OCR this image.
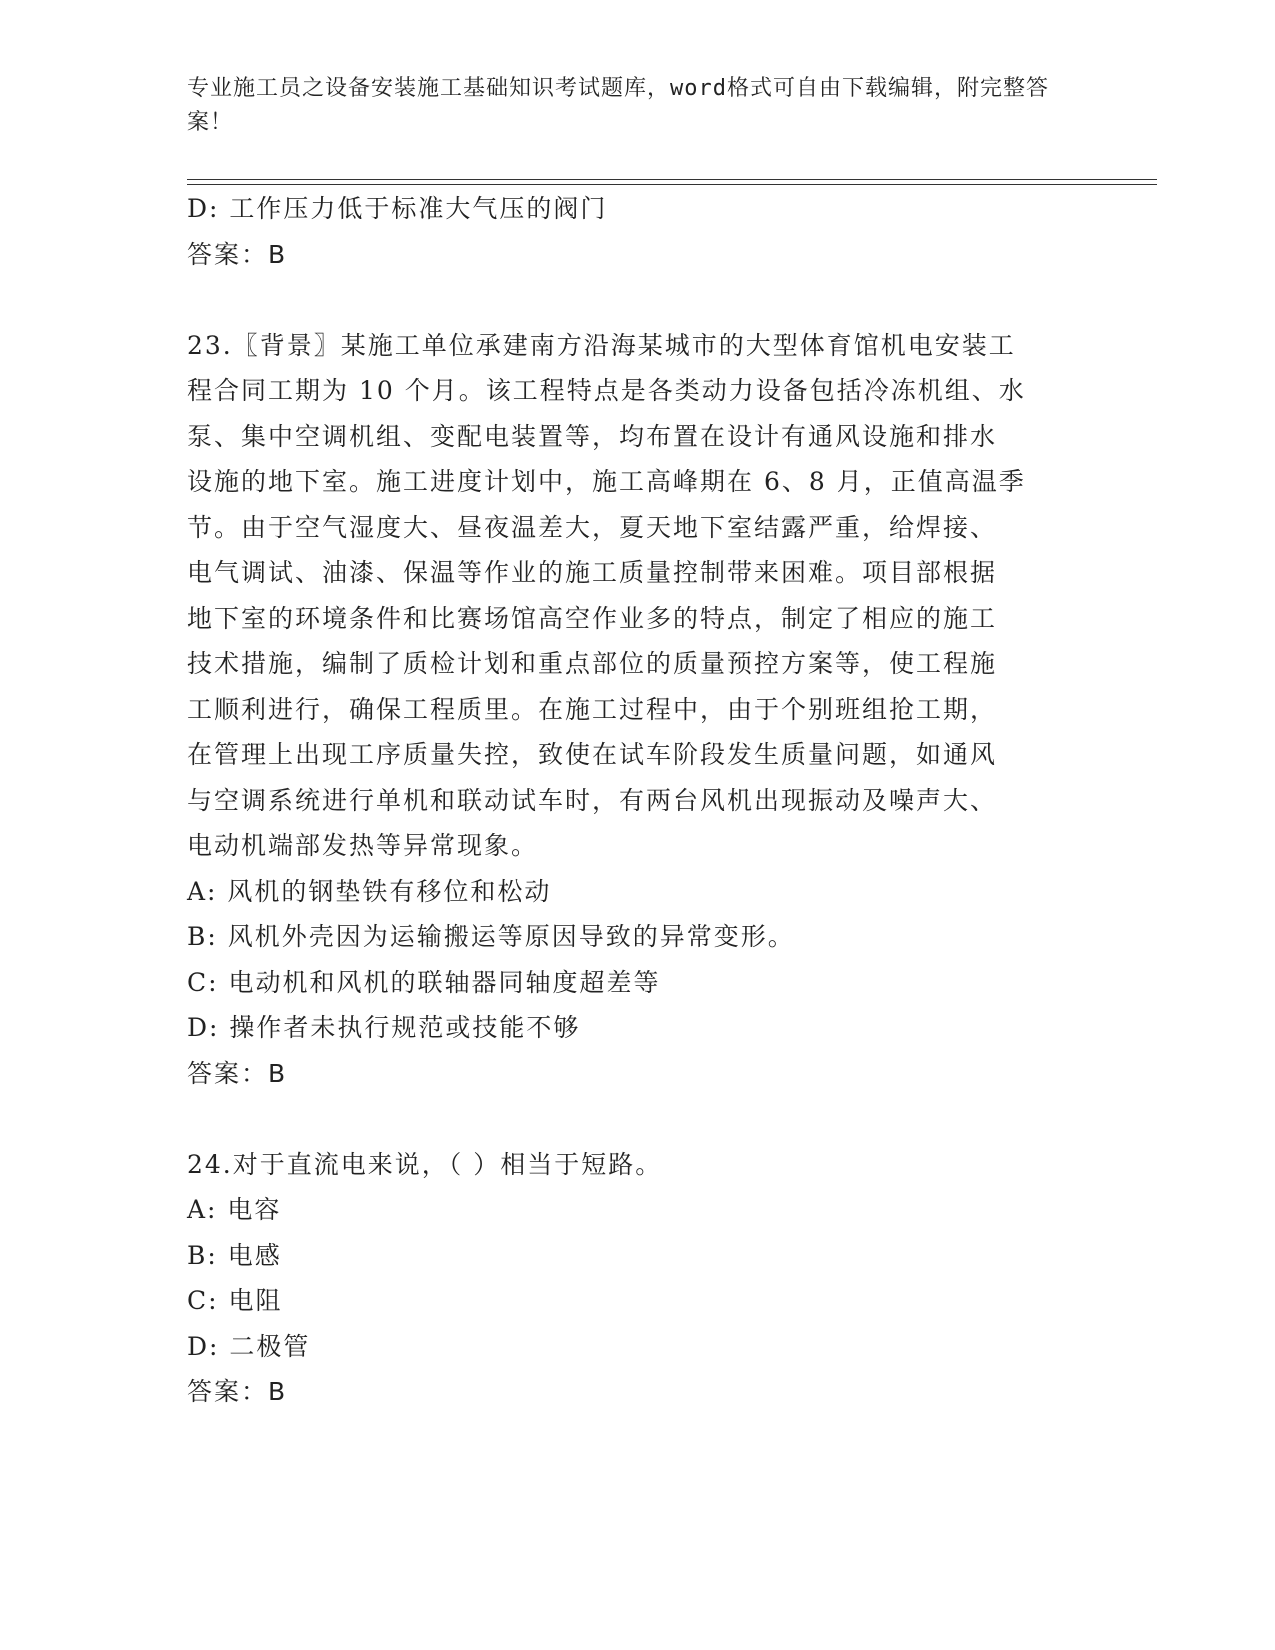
专业施工员之设备安装施工基础知识考试题库，word格式可自由下载编辑，附完整答案！
D: 工作压力低于标准大气压的阀门
答案：B
23.〖背景〗某施工单位承建南方沿海某城市的大型体育馆机电安装工
程合同工期为 10 个月。该工程特点是各类动力设备包括冷冻机组、水
泵、集中空调机组、变配电装置等，均布置在设计有通风设施和排水
设施的地下室。施工进度计划中，施工高峰期在 6、8 月，正值高温季
节。由于空气湿度大、昼夜温差大，夏天地下室结露严重，给焊接、
电气调试、油漆、保温等作业的施工质量控制带来困难。项目部根据
地下室的环境条件和比赛场馆高空作业多的特点，制定了相应的施工
技术措施，编制了质检计划和重点部位的质量预控方案等，使工程施
工顺利进行，确保工程质里。在施工过程中，由于个别班组抢工期，
在管理上出现工序质量失控，致使在试车阶段发生质量问题，如通风
与空调系统进行单机和联动试车时，有两台风机出现振动及噪声大、
电动机端部发热等异常现象。
A: 风机的钢垫铁有移位和松动
B: 风机外壳因为运输搬运等原因导致的异常变形。
C: 电动机和风机的联轴器同轴度超差等
D: 操作者未执行规范或技能不够
答案：B
24.对于直流电来说，（ ）相当于短路。
A: 电容
B: 电感
C: 电阻
D: 二极管
答案：B
